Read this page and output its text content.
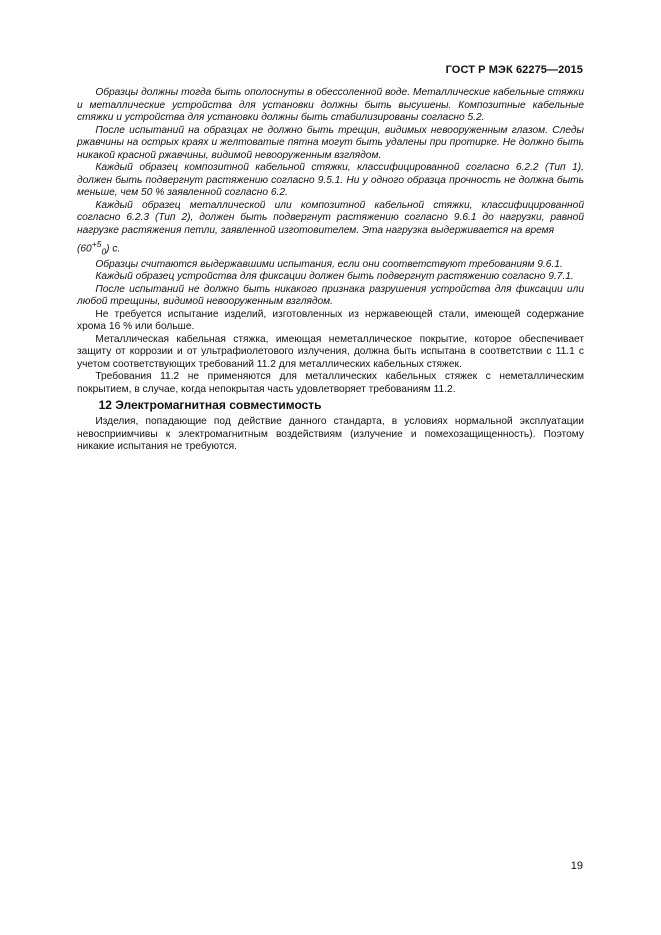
ГОСТ Р МЭК 62275—2015

Образцы должны тогда быть ополоснуты в обессоленной воде. Металлические кабельные стяжки и металлические устройства для установки должны быть высушены. Композитные кабельные стяжки и устройства для установки должны быть стабилизированы согласно 5.2.

После испытаний на образцах не должно быть трещин, видимых невооруженным глазом. Следы ржавчины на острых краях и желтоватые пятна могут быть удалены при протирке. Не должно быть никакой красной ржавчины, видимой невооруженным взглядом.

Каждый образец композитной кабельной стяжки, классифицированной согласно 6.2.2 (Тип 1), должен быть подвергнут растяжению согласно 9.5.1. Ни у одного образца прочность не должна быть меньше, чем 50 % заявленной согласно 6.2.

Каждый образец металлической или композитной кабельной стяжки, классифицированной согласно 6.2.3 (Тип 2), должен быть подвергнут растяжению согласно 9.6.1 до нагрузки, равной нагрузке растяжения петли, заявленной изготовителем. Эта нагрузка выдерживается на время

$(60^{+5}_0)$ с.

Образцы считаются выдержавшими испытания, если они соответствуют требованиям 9.6.1.

Каждый образец устройства для фиксации должен быть подвергнут растяжению согласно 9.7.1.

После испытаний не должно быть никакого признака разрушения устройства для фиксации или любой трещины, видимой невооруженным взглядом.

Не требуется испытание изделий, изготовленных из нержавеющей стали, имеющей содержание хрома 16 % или больше.

Металлическая кабельная стяжка, имеющая неметаллическое покрытие, которое обеспечивает защиту от коррозии и от ультрафиолетового излучения, должна быть испытана в соответствии с 11.1 с учетом соответствующих требований 11.2 для металлических кабельных стяжек.

Требования 11.2 не применяются для металлических кабельных стяжек с неметаллическим покрытием, в случае, когда непокрытая часть удовлетворяет требованиям 11.2.

12 Электромагнитная совместимость

Изделия, попадающие под действие данного стандарта, в условиях нормальной эксплуатации невосприимчивы к электромагнитным воздействиям (излучение и помехозащищенность). Поэтому никакие испытания не требуются.

19
